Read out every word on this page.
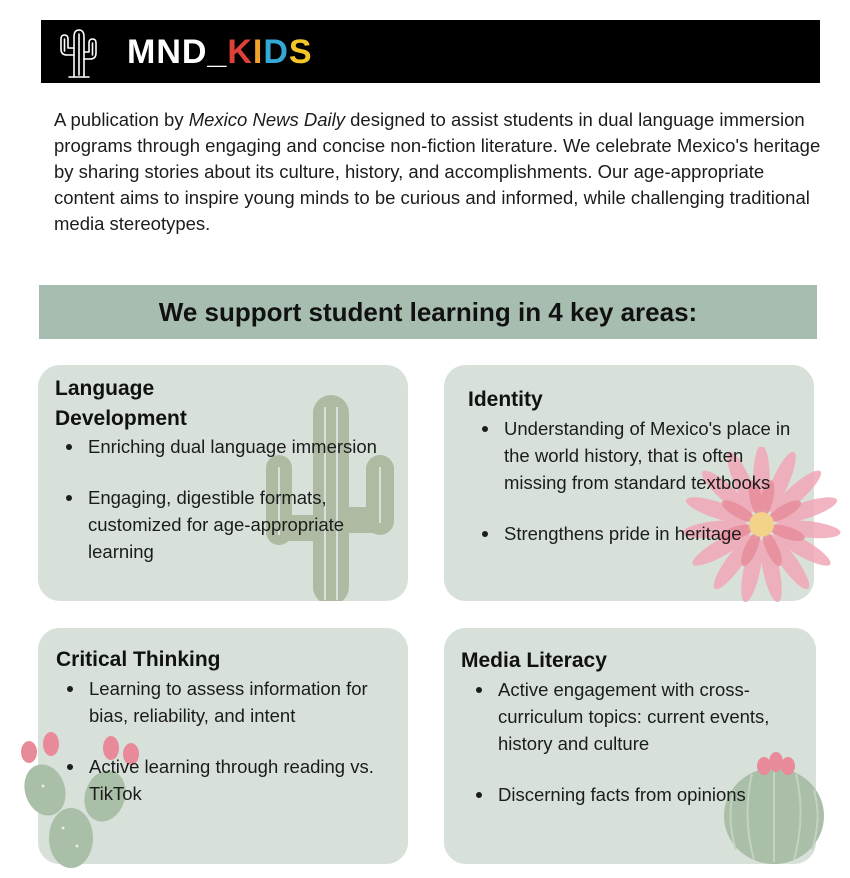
MND_KIDS

A publication by Mexico News Daily designed to assist students in dual language immersion programs through engaging and concise non-fiction literature. We celebrate Mexico's heritage by sharing stories about its culture, history, and accomplishments. Our age-appropriate content aims to inspire young minds to be curious and informed, while challenging traditional media stereotypes.

We support student learning in 4 key areas:
Language Development
Enriching dual language immersion
Engaging, digestible formats, customized for age-appropriate learning
Identity
Understanding of Mexico's place in the world history, that is often missing from standard textbooks
Strengthens pride in heritage
Critical Thinking
Learning to assess information for bias, reliability, and intent
Active learning through reading vs. TikTok
Media Literacy
Active engagement with cross-curriculum topics: current events, history and culture
Discerning facts from opinions
